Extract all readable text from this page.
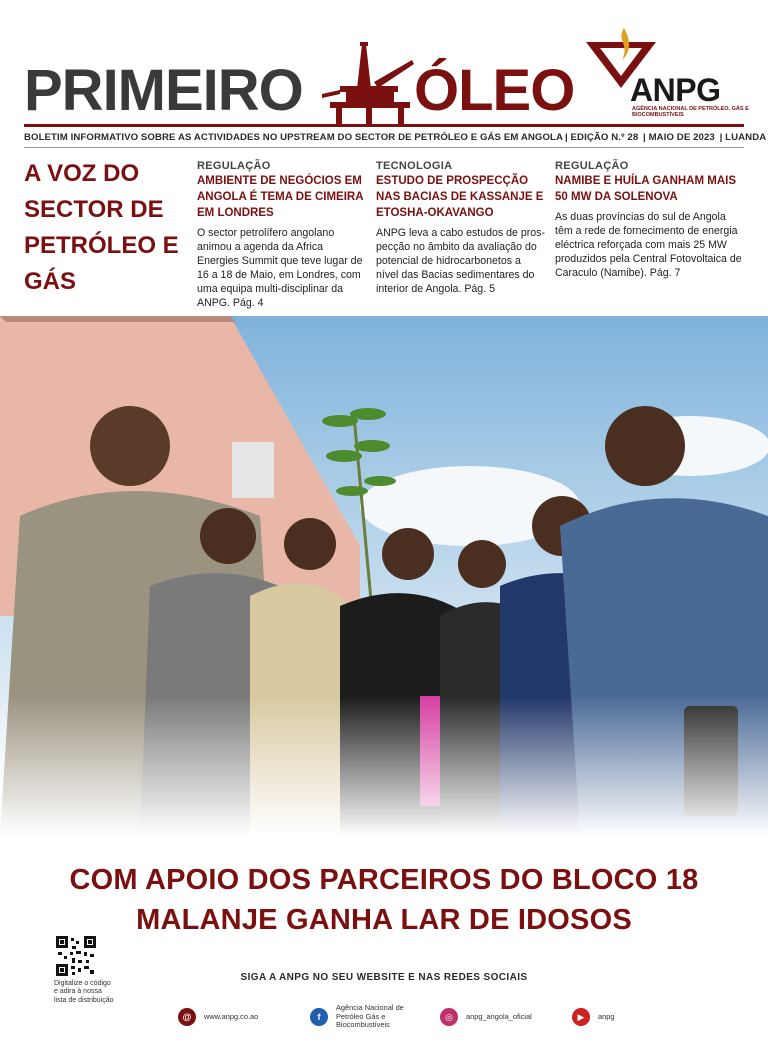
PRIMEIRO ÓLEO ANPG
AGÊNCIA NACIONAL DE PETRÓLEO, GÁS E BIOCOMBUSTÍVEIS
BOLETIM INFORMATIVO SOBRE AS ACTIVIDADES NO UPSTREAM DO SECTOR DE PETRÓLEO E GÁS EM ANGOLA | EDIÇÃO N.º 28 | MAIO DE 2023 | LUANDA
A VOZ DO SECTOR DE PETRÓLEO E GÁS
REGULAÇÃO
AMBIENTE DE NEGÓCIOS EM ANGOLA É TEMA DE CIMEIRA EM LONDRES
O sector petrolífero angolano animou a agenda da Africa Energies Summit que teve lugar de 16 a 18 de Maio, em Londres, com uma equipa multi-disciplinar da ANPG. Pág. 4
TECNOLOGIA
ESTUDO DE PROSPECÇÃO NAS BACIAS DE KASSANJE E ETOSHA-OKAVANGO
ANPG leva a cabo estudos de pros-pecção no âmbito da avaliação do potencial de hidrocarbonetos a nível das Bacias sedimentares do interior de Angola. Pág. 5
REGULAÇÃO
NAMIBE E HUÍLA GANHAM MAIS 50 MW DA SOLENOVA
As duas províncias do sul de Angola têm a rede de fornecimento de energia eléctrica reforçada com mais 25 MW produzidos pela Central Fotovoltaica de Caraculo (Namibe). Pág. 7
COM APOIO DOS PARCEIROS DO BLOCO 18
MALANJE GANHA LAR DE IDOSOS
Digitalize o código e adira à nossa lista de distribuição
SIGA A ANPG NO SEU WEBSITE E NAS REDES SOCIAIS
@	www.anpg.co.ao	f
Agência Nacional de Petróleo Gás e Biocombustíveis
◎	anpg_angola_oficial	▶	anpg
